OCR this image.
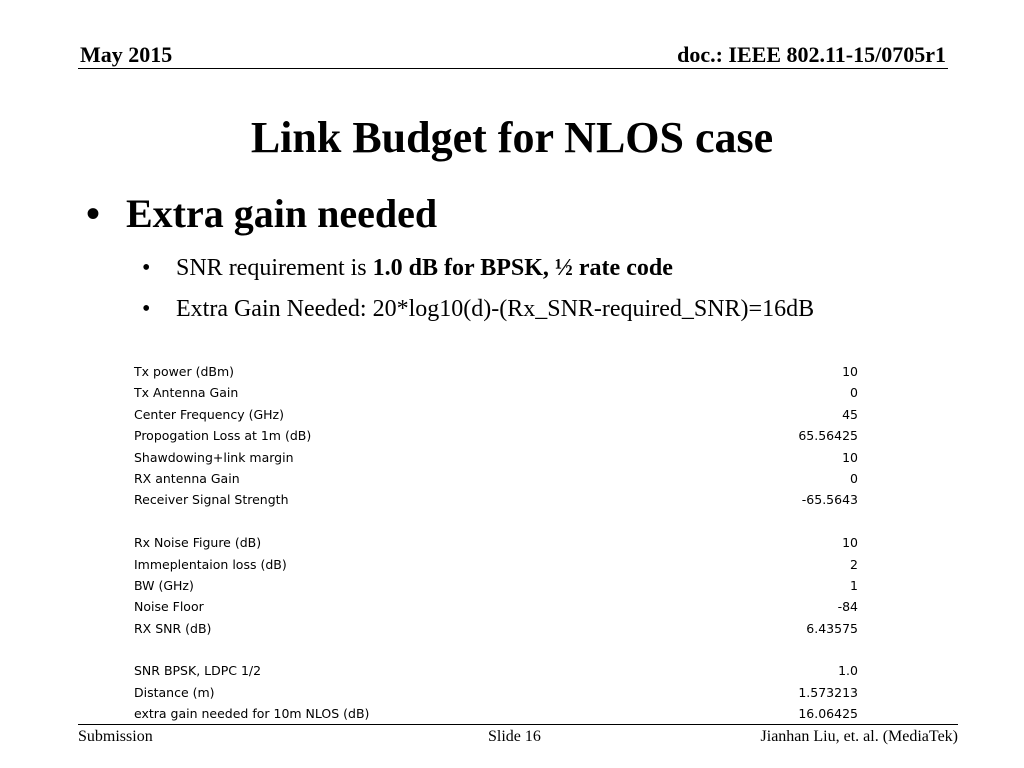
May 2015	doc.: IEEE 802.11-15/0705r1
Link Budget for NLOS case
• Extra gain needed
• SNR requirement is 1.0 dB for BPSK, ½ rate code
• Extra Gain Needed: 20*log10(d)-(Rx_SNR-required_SNR)=16dB
Tx power (dBm)	10
Tx Antenna Gain	0
Center Frequency (GHz)	45
Propogation Loss at 1m (dB)	65.56425
Shawdowing+link margin	10
RX antenna Gain	0
Receiver Signal Strength	-65.5643
Rx Noise Figure (dB)	10
Immeplentaion loss (dB)	2
BW (GHz)	1
Noise Floor	-84
RX SNR (dB)	6.43575
SNR BPSK, LDPC 1/2	1.0
Distance (m)	1.573213
extra gain needed for 10m NLOS (dB)	16.06425
Submission	Slide 16	Jianhan Liu, et. al. (MediaTek)
